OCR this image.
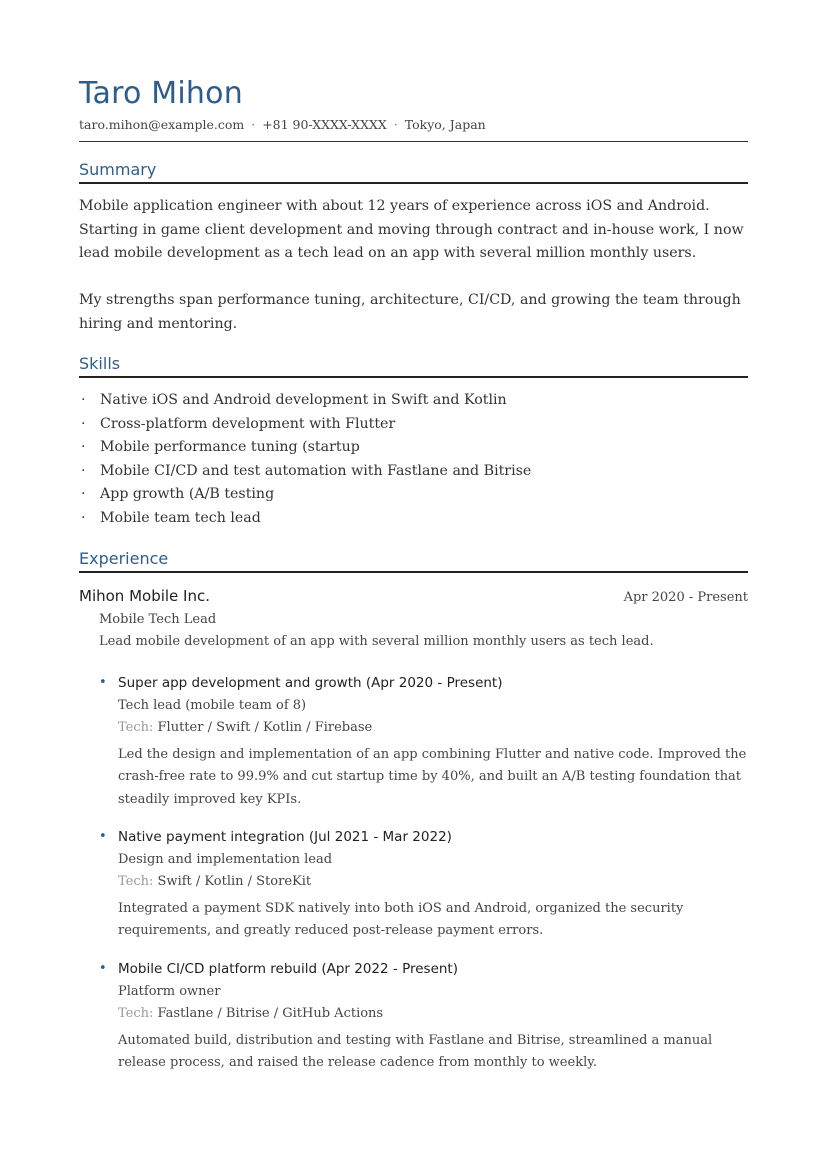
Taro Mihon
taro.mihon@example.com · +81 90-XXXX-XXXX · Tokyo, Japan
Summary

Mobile application engineer with about 12 years of experience across iOS and Android. Starting in game client development and moving through contract and in-house work, I now lead mobile development as a tech lead on an app with several million monthly users.

My strengths span performance tuning, architecture, CI/CD, and growing the team through hiring and mentoring.

Skills
·	Native iOS and Android development in Swift and Kotlin
·	Cross-platform development with Flutter
·	Mobile performance tuning (startup
·	Mobile CI/CD and test automation with Fastlane and Bitrise
·	App growth (A/B testing
·	Mobile team tech lead
Experience
Mihon Mobile Inc.	Apr 2020 - Present
Mobile Tech Lead
Lead mobile development of an app with several million monthly users as tech lead.
• Super app development and growth (Apr 2020 - Present)
Tech lead (mobile team of 8)
Tech: Flutter / Swift / Kotlin / Firebase
Led the design and implementation of an app combining Flutter and native code. Improved the crash-free rate to 99.9% and cut startup time by 40%, and built an A/B testing foundation that steadily improved key KPIs.
• Native payment integration (Jul 2021 - Mar 2022)
Design and implementation lead
Tech: Swift / Kotlin / StoreKit
Integrated a payment SDK natively into both iOS and Android, organized the security requirements, and greatly reduced post-release payment errors.
• Mobile CI/CD platform rebuild (Apr 2022 - Present)
Platform owner
Tech: Fastlane / Bitrise / GitHub Actions
Automated build, distribution and testing with Fastlane and Bitrise, streamlined a manual release process, and raised the release cadence from monthly to weekly.
